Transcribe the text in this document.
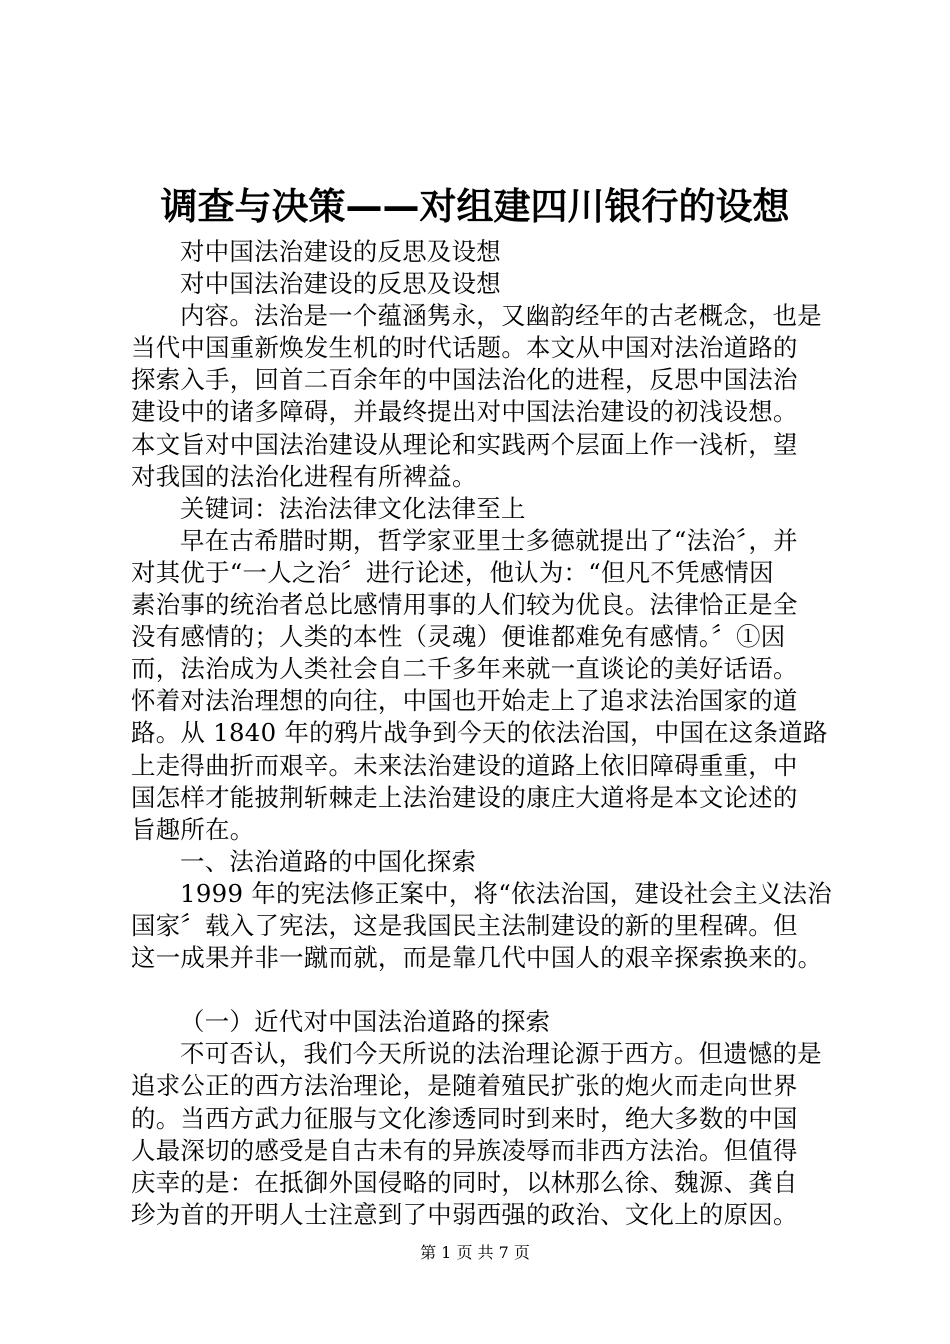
调查与决策——对组建四川银行的设想

对中国法治建设的反思及设想

对中国法治建设的反思及设想

内容。法治是一个蕴涵隽永，又幽韵经年的古老概念，也是

当代中国重新焕发生机的时代话题。本文从中国对法治道路的

探索入手，回首二百余年的中国法治化的进程，反思中国法治

建设中的诸多障碍，并最终提出对中国法治建设的初浅设想。

本文旨对中国法治建设从理论和实践两个层面上作一浅析，望

对我国的法治化进程有所裨益。

关键词：法治法律文化法律至上

早在古希腊时期，哲学家亚里士多德就提出了“法治〞，并

对其优于“一人之治〞进行论述，他认为：“但凡不凭感情因

素治事的统治者总比感情用事的人们较为优良。法律恰正是全

没有感情的；人类的本性（灵魂）便谁都难免有感情。〞①因

而，法治成为人类社会自二千多年来就一直谈论的美好话语。

怀着对法治理想的向往，中国也开始走上了追求法治国家的道

路。从 1840 年的鸦片战争到今天的依法治国，中国在这条道路

上走得曲折而艰辛。未来法治建设的道路上依旧障碍重重，中

国怎样才能披荆斩棘走上法治建设的康庄大道将是本文论述的

旨趣所在。

一、法治道路的中国化探索

1999 年的宪法修正案中，将“依法治国，建设社会主义法治

国家〞载入了宪法，这是我国民主法制建设的新的里程碑。但

这一成果并非一蹴而就，而是靠几代中国人的艰辛探索换来的。

（一）近代对中国法治道路的探索

不可否认，我们今天所说的法治理论源于西方。但遗憾的是

追求公正的西方法治理论，是随着殖民扩张的炮火而走向世界

的。当西方武力征服与文化渗透同时到来时，绝大多数的中国

人最深切的感受是自古未有的异族凌辱而非西方法治。但值得

庆幸的是：在抵御外国侵略的同时，以林那么徐、魏源、龚自

珍为首的开明人士注意到了中弱西强的政治、文化上的原因。

第 1 页 共 7 页
